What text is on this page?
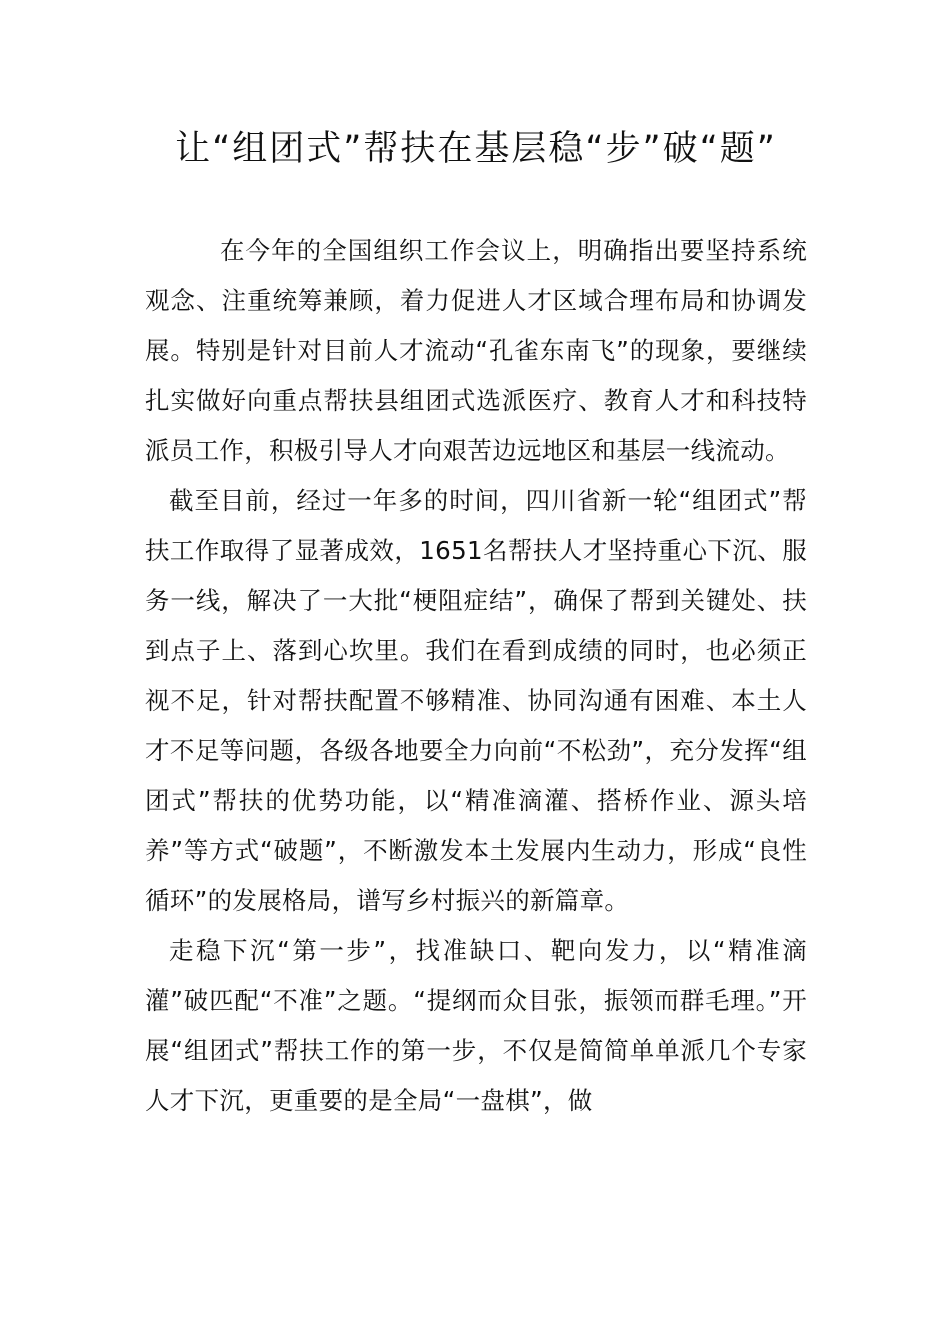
让“组团式”帮扶在基层稳“步”破“题”

在今年的全国组织工作会议上，明确指出要坚持系统观念、注重统筹兼顾，着力促进人才区域合理布局和协调发展。特别是针对目前人才流动“孔雀东南飞”的现象，要继续扎实做好向重点帮扶县组团式选派医疗、教育人才和科技特派员工作，积极引导人才向艰苦边远地区和基层一线流动。

截至目前，经过一年多的时间，四川省新一轮“组团式”帮扶工作取得了显著成效，1651名帮扶人才坚持重心下沉、服务一线，解决了一大批“梗阻症结”，确保了帮到关键处、扶到点子上、落到心坎里。我们在看到成绩的同时，也必须正视不足，针对帮扶配置不够精准、协同沟通有困难、本土人才不足等问题，各级各地要全力向前“不松劲”，充分发挥“组团式”帮扶的优势功能，以“精准滴灌、搭桥作业、源头培养”等方式“破题”，不断激发本土发展内生动力，形成“良性循环”的发展格局，谱写乡村振兴的新篇章。

走稳下沉“第一步”，找准缺口、靶向发力，以“精准滴灌”破匹配“不准”之题。“提纲而众目张，振领而群毛理。”开展“组团式”帮扶工作的第一步，不仅是简简单单派几个专家人才下沉，更重要的是全局“一盘棋”，做
